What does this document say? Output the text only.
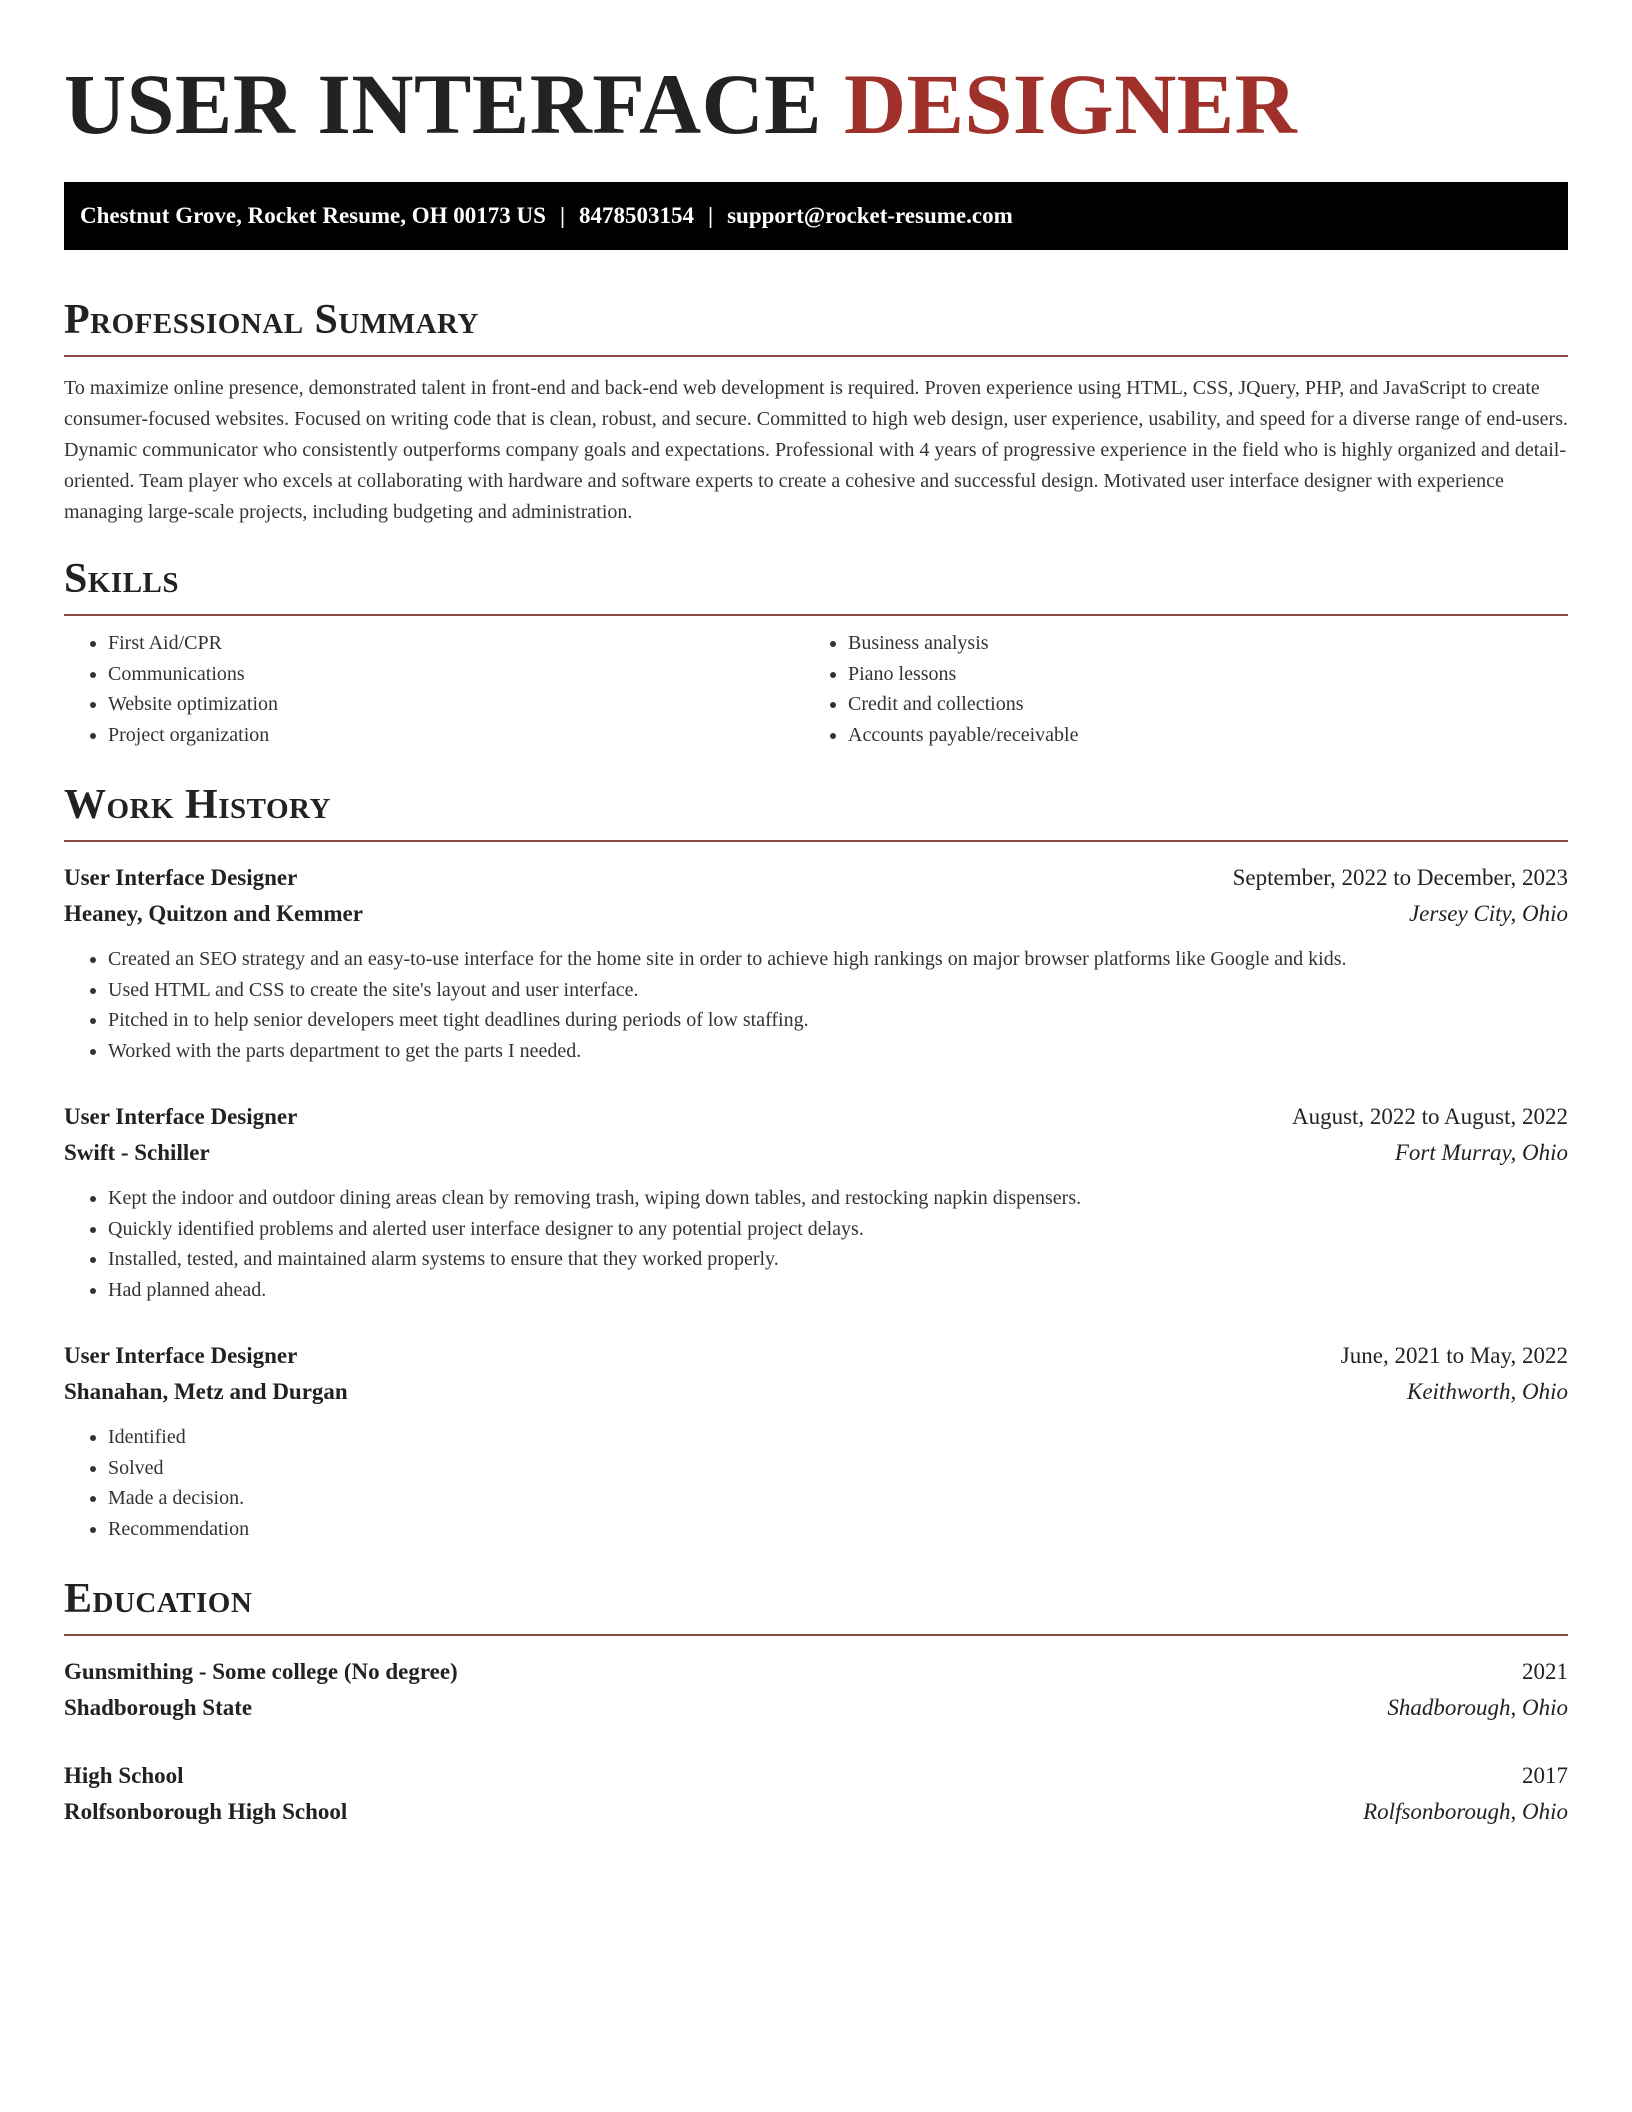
USER INTERFACE DESIGNER
Chestnut Grove, Rocket Resume, OH 00173 US | 8478503154 | support@rocket-resume.com
Professional Summary

To maximize online presence, demonstrated talent in front-end and back-end web development is required. Proven experience using HTML, CSS, JQuery, PHP, and JavaScript to create consumer-focused websites. Focused on writing code that is clean, robust, and secure. Committed to high web design, user experience, usability, and speed for a diverse range of end-users. Dynamic communicator who consistently outperforms company goals and expectations. Professional with 4 years of progressive experience in the field who is highly organized and detail-oriented. Team player who excels at collaborating with hardware and software experts to create a cohesive and successful design. Motivated user interface designer with experience managing large-scale projects, including budgeting and administration.

Skills
• First Aid/CPR
• Communications
• Website optimization
• Project organization
• Business analysis
• Piano lessons
• Credit and collections
• Accounts payable/receivable
Work History
User Interface Designer	September, 2022 to December, 2023
Heaney, Quitzon and Kemmer	Jersey City, Ohio
• Created an SEO strategy and an easy-to-use interface for the home site in order to achieve high rankings on major browser platforms like Google and kids.
• Used HTML and CSS to create the site's layout and user interface.
• Pitched in to help senior developers meet tight deadlines during periods of low staffing.
• Worked with the parts department to get the parts I needed.
User Interface Designer	August, 2022 to August, 2022
Swift - Schiller	Fort Murray, Ohio
• Kept the indoor and outdoor dining areas clean by removing trash, wiping down tables, and restocking napkin dispensers.
• Quickly identified problems and alerted user interface designer to any potential project delays.
• Installed, tested, and maintained alarm systems to ensure that they worked properly.
• Had planned ahead.
User Interface Designer	June, 2021 to May, 2022
Shanahan, Metz and Durgan	Keithworth, Ohio
• Identified
• Solved
• Made a decision.
• Recommendation
Education
Gunsmithing - Some college (No degree)	2021
Shadborough State	Shadborough, Ohio
High School	2017
Rolfsonborough High School	Rolfsonborough, Ohio
